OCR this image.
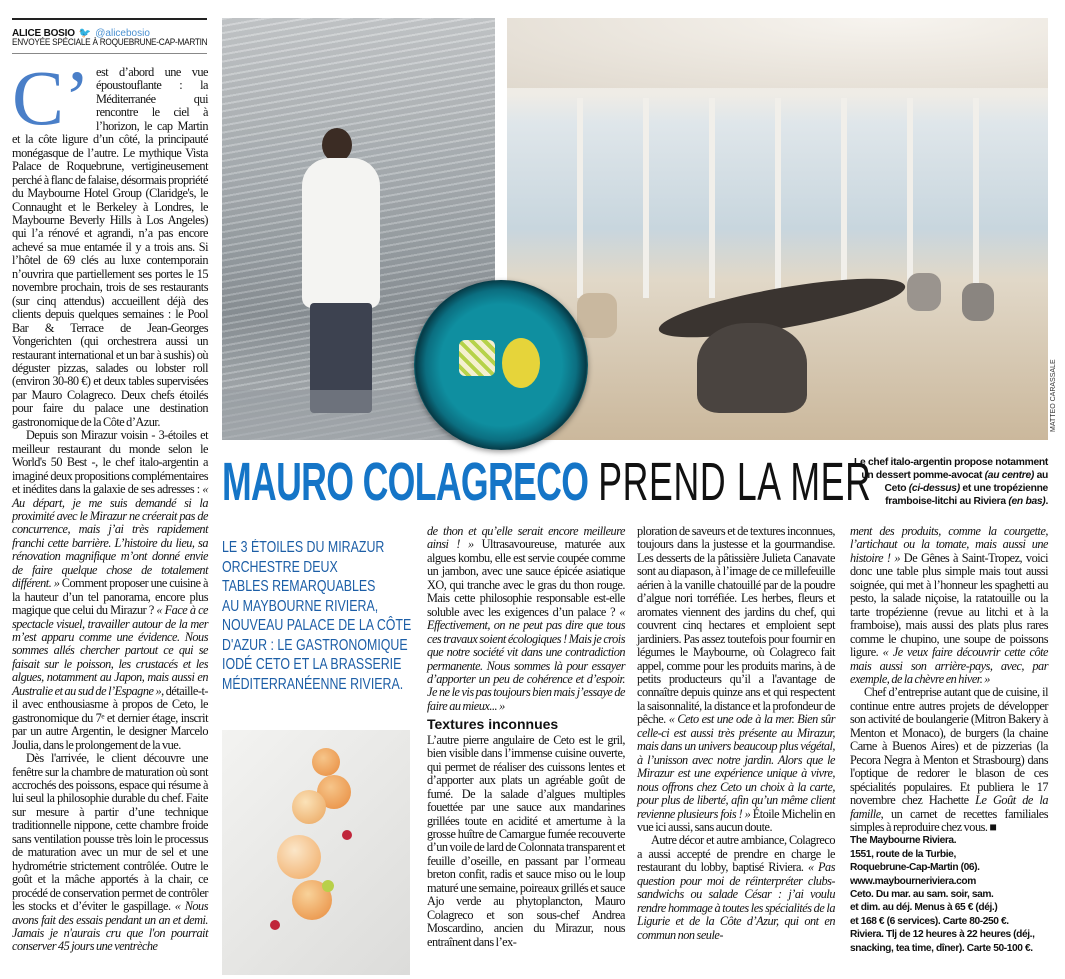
ALICE BOSIO 🐦 @alicebosio
ENVOYÉE SPÉCIALE À ROQUEBRUNE-CAP-MARTIN
C’ est d’abord une vue époustouflante : la Méditerranée qui rencontre le ciel à l’horizon, le cap Martin et la côte ligure d’un côté, la principauté monégasque de l’autre. Le mythique Vista Palace de Roquebrune, vertigineusement perché à flanc de falaise, désormais propriété du Maybourne Hotel Group (Claridge's, le Connaught et le Berkeley à Londres, le Maybourne Beverly Hills à Los Angeles) qui l’a rénové et agrandi, n’a pas encore achevé sa mue entamée il y a trois ans. Si l’hôtel de 69 clés au luxe contemporain n’ouvrira que partiellement ses portes le 15 novembre prochain, trois de ses restaurants (sur cinq attendus) accueillent déjà des clients depuis quelques semaines : le Pool Bar & Terrace de Jean-Georges Vongerichten (qui orchestrera aussi un restaurant international et un bar à sushis) où déguster pizzas, salades ou lobster roll (environ 30-80 €) et deux tables supervisées par Mauro Colagreco. Deux chefs étoilés pour faire du palace une destination gastronomique de la Côte d’Azur.

Depuis son Mirazur voisin - 3-étoiles et meilleur restaurant du monde selon le World's 50 Best -, le chef italo-argentin a imaginé deux propositions complémentaires et inédites dans la galaxie de ses adresses : « Au départ, je me suis demandé si la proximité avec le Mirazur ne créerait pas de concurrence, mais j’ai très rapidement franchi cette barrière. L’histoire du lieu, sa rénovation magnifique m’ont donné envie de faire quelque chose de totalement différent. » Comment proposer une cuisine à la hauteur d’un tel panorama, encore plus magique que celui du Mirazur ? « Face à ce spectacle visuel, travailler autour de la mer m’est apparu comme une évidence. Nous sommes allés chercher partout ce qui se faisait sur le poisson, les crustacés et les algues, notamment au Japon, mais aussi en Australie et au sud de l’Espagne », détaille-t-il avec enthousiasme à propos de Ceto, le gastronomique du 7ᵉ et dernier étage, inscrit par un autre Argentin, le designer Marcelo Joulia, dans le prolongement de la vue.

Dès l'arrivée, le client découvre une fenêtre sur la chambre de maturation où sont accrochés des poissons, espace qui résume à lui seul la philosophie durable du chef. Faite sur mesure à partir d’une technique traditionnelle nippone, cette chambre froide sans ventilation pousse très loin le processus de maturation avec un mur de sel et une hydrométrie strictement contrôlée. Outre le goût et la mâche apportés à la chair, ce procédé de conservation permet de contrôler les stocks et d’éviter le gaspillage. « Nous avons fait des essais pendant un an et demi. Jamais je n'aurais cru que l'on pourrait conserver 45 jours une ventrèche

MATTEO CARASSALE
MAURO COLAGRECO PREND LA MER
Le chef italo-argentin propose notamment un dessert pomme-avocat (au centre) au Ceto (ci-dessus) et une tropézienne framboise-litchi au Riviera (en bas).
LE 3 ÉTOILES DU MIRAZUR
ORCHESTRE DEUX
TABLES REMARQUABLES
AU MAYBOURNE RIVIERA,
NOUVEAU PALACE DE LA CÔTE
D'AZUR : LE GASTRONOMIQUE
IODÉ CETO ET LA BRASSERIE
MÉDITERRANÉENNE RIVIERA.

de thon et qu’elle serait encore meilleure ainsi ! » Ultrasavoureuse, maturée aux algues kombu, elle est servie coupée comme un jambon, avec une sauce épicée asiatique XO, qui tranche avec le gras du thon rouge. Mais cette philosophie responsable est-elle soluble avec les exigences d’un palace ? « Effectivement, on ne peut pas dire que tous ces travaux soient écologiques ! Mais je crois que notre société vit dans une contradiction permanente. Nous sommes là pour essayer d’apporter un peu de cohérence et d’espoir. Je ne le vis pas toujours bien mais j’essaye de faire au mieux... »

Textures inconnues

L’autre pierre angulaire de Ceto est le gril, bien visible dans l’immense cuisine ouverte, qui permet de réaliser des cuissons lentes et d’apporter aux plats un agréable goût de fumé. De la salade d’algues multiples fouettée par une sauce aux mandarines grillées toute en acidité et amertume à la grosse huître de Camargue fumée recouverte d’un voile de lard de Colonnata transparent et feuille d’oseille, en passant par l’ormeau breton confit, radis et sauce miso ou le loup maturé une semaine, poireaux grillés et sauce Ajo verde au phytoplancton, Mauro Colagreco et son sous-chef Andrea Moscardino, ancien du Mirazur, nous entraînent dans l’ex-

ploration de saveurs et de textures inconnues, toujours dans la justesse et la gourmandise. Les desserts de la pâtissière Julieta Canavate sont au diapason, à l’image de ce millefeuille aérien à la vanille chatouillé par de la poudre d’algue nori torréfiée. Les herbes, fleurs et aromates viennent des jardins du chef, qui couvrent cinq hectares et emploient sept jardiniers. Pas assez toutefois pour fournir en légumes le Maybourne, où Colagreco fait appel, comme pour les produits marins, à de petits producteurs qu’il a l'avantage de connaître depuis quinze ans et qui respectent la saisonnalité, la distance et la profondeur de pêche. « Ceto est une ode à la mer. Bien sûr celle-ci est aussi très présente au Mirazur, mais dans un univers beaucoup plus végétal, à l’unisson avec notre jardin. Alors que le Mirazur est une expérience unique à vivre, nous offrons chez Ceto un choix à la carte, pour plus de liberté, afin qu’un même client revienne plusieurs fois ! » Étoile Michelin en vue ici aussi, sans aucun doute.

Autre décor et autre ambiance, Colagreco a aussi accepté de prendre en charge le restaurant du lobby, baptisé Riviera. « Pas question pour moi de réinterpréter clubs-sandwichs ou salade César : j’ai voulu rendre hommage à toutes les spécialités de la Ligurie et de la Côte d’Azur, qui ont en commun non seule-

ment des produits, comme la courgette, l’artichaut ou la tomate, mais aussi une histoire ! » De Gênes à Saint-Tropez, voici donc une table plus simple mais tout aussi soignée, qui met à l’honneur les spaghetti au pesto, la salade niçoise, la ratatouille ou la tarte tropézienne (revue au litchi et à la framboise), mais aussi des plats plus rares comme le chupino, une soupe de poissons ligure. « Je veux faire découvrir cette côte mais aussi son arrière-pays, avec, par exemple, de la chèvre en hiver. »

Chef d’entreprise autant que de cuisine, il continue entre autres projets de développer son activité de boulangerie (Mitron Bakery à Menton et Monaco), de burgers (la chaine Carne à Buenos Aires) et de pizzerias (la Pecora Negra à Menton et Strasbourg) dans l'optique de redorer le blason de ces spécialités populaires. Et publiera le 17 novembre chez Hachette Le Goût de la famille, un carnet de recettes familiales simples à reproduire chez vous. ■

The Maybourne Riviera.
1551, route de la Turbie,
Roquebrune-Cap-Martin (06).
www.maybourneriviera.com
Ceto. Du mar. au sam. soir, sam.
et dim. au déj. Menus à 65 € (déj.)
et 168 € (6 services). Carte 80-250 €.
Riviera. Tlj de 12 heures à 22 heures (déj.,
snacking, tea time, dîner). Carte 50-100 €.
